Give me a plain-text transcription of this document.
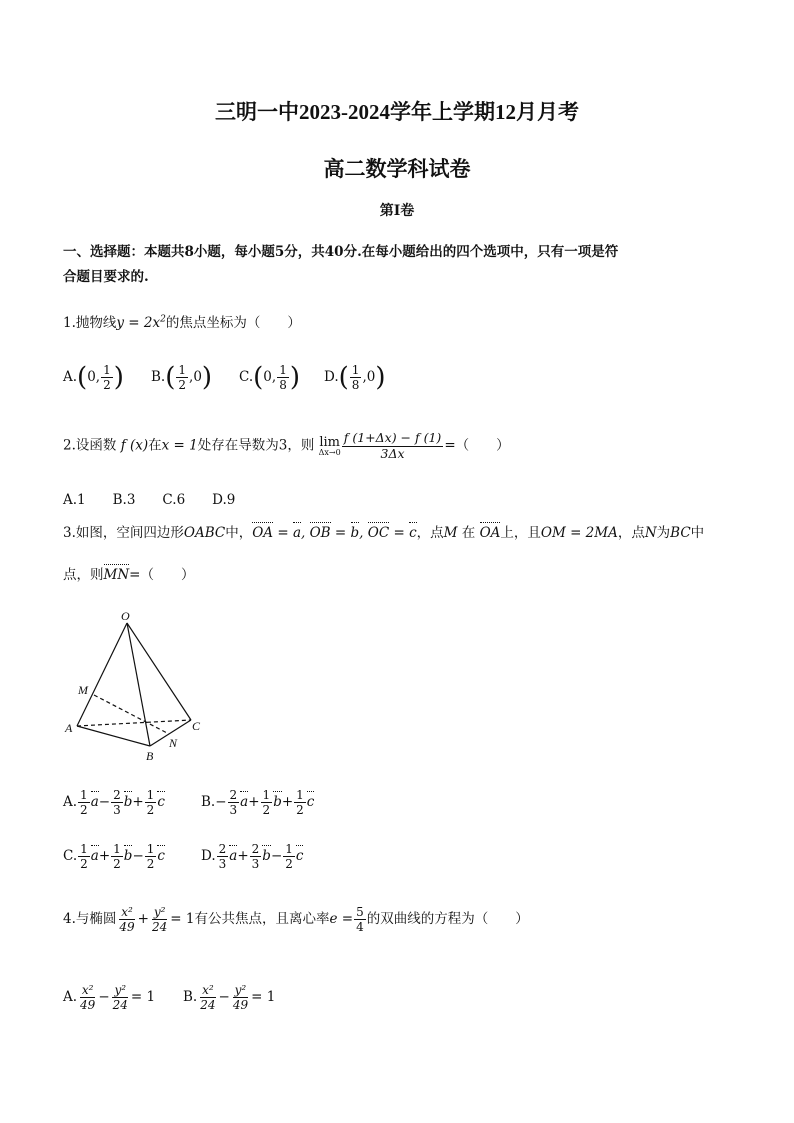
三明一中2023-2024学年上学期12月月考
高二数学科试卷
第I卷
一、选择题：本题共8小题，每小题5分，共40分.在每小题给出的四个选项中，只有一项是符
合题目要求的.
1.抛物线$y = 2x^2$的焦点坐标为（　　）
A.(0, $\frac{1}{2}$ ) $B.( \frac{1}{2} ,0)$ C.(0, $\frac{1}{8}$ ) $D.( \frac{1}{8} ,0)$
2.设函数 f (x)在x = 1处存在导数为3，则 lim
$\Delta x\to 0 \frac{f (1+\Delta x) - f (1)}{3\Delta x}$ =（　　）
A.1　　B.3　　C.6　　D.9
3.如图，空间四边形OABC中，OA = a, OB = b, OC = c，点M 在 OA上，且OM = 2MA，点N为BC中
点，则MN=（　　）
O
M
A
B
C
N
A. $\frac{1}{2} a- \frac{2}{3} b+ \frac{1}{2}$ c	$B.- \frac{2}{3} a+ \frac{1}{2} b+ \frac{1}{2}$ c
C. $\frac{1}{2} a+ \frac{1}{2} b- \frac{1}{2}$ c	D. $\frac{2}{3} a+ \frac{2}{3} b- \frac{1}{2}$ c
4.与椭圆 $\frac{\text{x²}}{49} + \frac{\text{y²}}{24} = 1$有公共焦点，且离心率$e = \frac{5}{4}$ 的双曲线的方程为（　　）
A. $\frac{\text{x²}}{49} - \frac{\text{y²}}{24} = 1$ B. $\frac{\text{x²}}{24} - \frac{\text{y²}}{49} = 1$
